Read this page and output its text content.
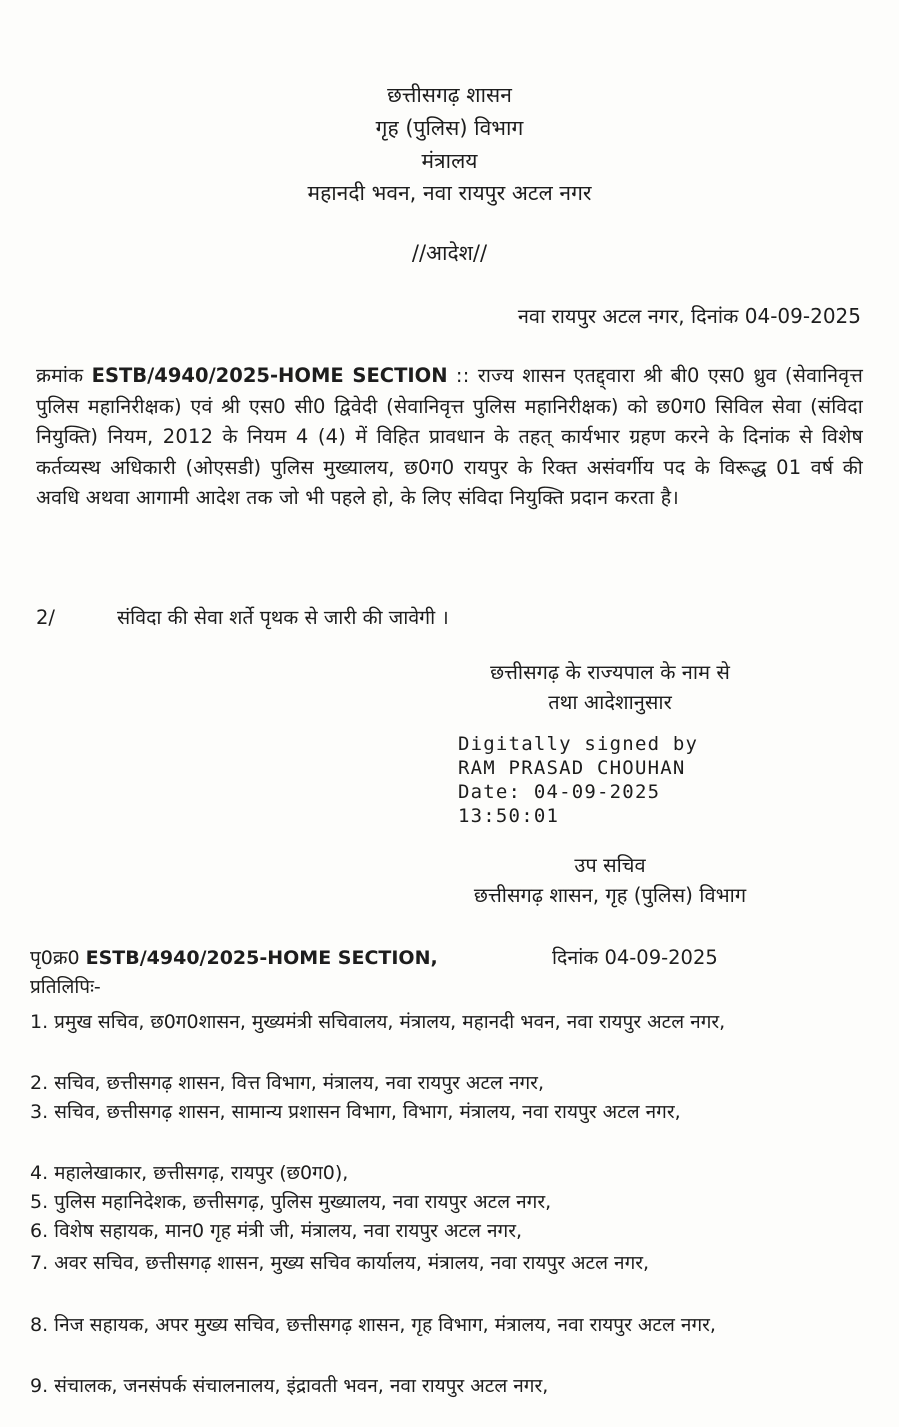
छत्तीसगढ़ शासन
गृह (पुलिस) विभाग
मंत्रालय
महानदी भवन, नवा रायपुर अटल नगर
//आदेश//
नवा रायपुर अटल नगर, दिनांक 04-09-2025
क्रमांक ESTB/4940/2025-HOME SECTION :: राज्य शासन एतद्द्वारा श्री बी0 एस0 ध्रुव (सेवानिवृत्त पुलिस महानिरीक्षक) एवं श्री एस0 सी0 द्विवेदी (सेवानिवृत्त पुलिस महानिरीक्षक) को छ0ग0 सिविल सेवा (संविदा नियुक्ति) नियम, 2012 के नियम 4 (4) में विहित प्रावधान के तहत् कार्यभार ग्रहण करने के दिनांक से विशेष कर्तव्यस्थ अधिकारी (ओएसडी) पुलिस मुख्यालय, छ0ग0 रायपुर के रिक्त असंवर्गीय पद के विरूद्ध 01 वर्ष की अवधि अथवा आगामी आदेश तक जो भी पहले हो, के लिए संविदा नियुक्ति प्रदान करता है।
2/	संविदा की सेवा शर्ते पृथक से जारी की जावेगी ।
छत्तीसगढ़ के राज्यपाल के नाम से
तथा आदेशानुसार
Digitally signed by
RAM PRASAD CHOUHAN
Date: 04-09-2025
13:50:01
उप सचिव
छत्तीसगढ़ शासन, गृह (पुलिस) विभाग
पृ0क्र0 ESTB/4940/2025-HOME SECTION,	दिनांक 04-09-2025
प्रतिलिपिः-
1. प्रमुख सचिव, छ0ग0शासन, मुख्यमंत्री सचिवालय, मंत्रालय, महानदी भवन, नवा रायपुर अटल नगर,
2. सचिव, छत्तीसगढ़ शासन, वित्त विभाग, मंत्रालय, नवा रायपुर अटल नगर,
3. सचिव, छत्तीसगढ़ शासन, सामान्य प्रशासन विभाग, विभाग, मंत्रालय, नवा रायपुर अटल नगर,
4. महालेखाकार, छत्तीसगढ़, रायपुर (छ0ग0),
5. पुलिस महानिदेशक, छत्तीसगढ़, पुलिस मुख्यालय, नवा रायपुर अटल नगर,
6. विशेष सहायक, मान0 गृह मंत्री जी, मंत्रालय, नवा रायपुर अटल नगर,
7. अवर सचिव, छत्तीसगढ़ शासन, मुख्य सचिव कार्यालय, मंत्रालय, नवा रायपुर अटल नगर,
8. निज सहायक, अपर मुख्य सचिव, छत्तीसगढ़ शासन, गृह विभाग, मंत्रालय, नवा रायपुर अटल नगर,
9. संचालक, जनसंपर्क संचालनालय, इंद्रावती भवन, नवा रायपुर अटल नगर,
